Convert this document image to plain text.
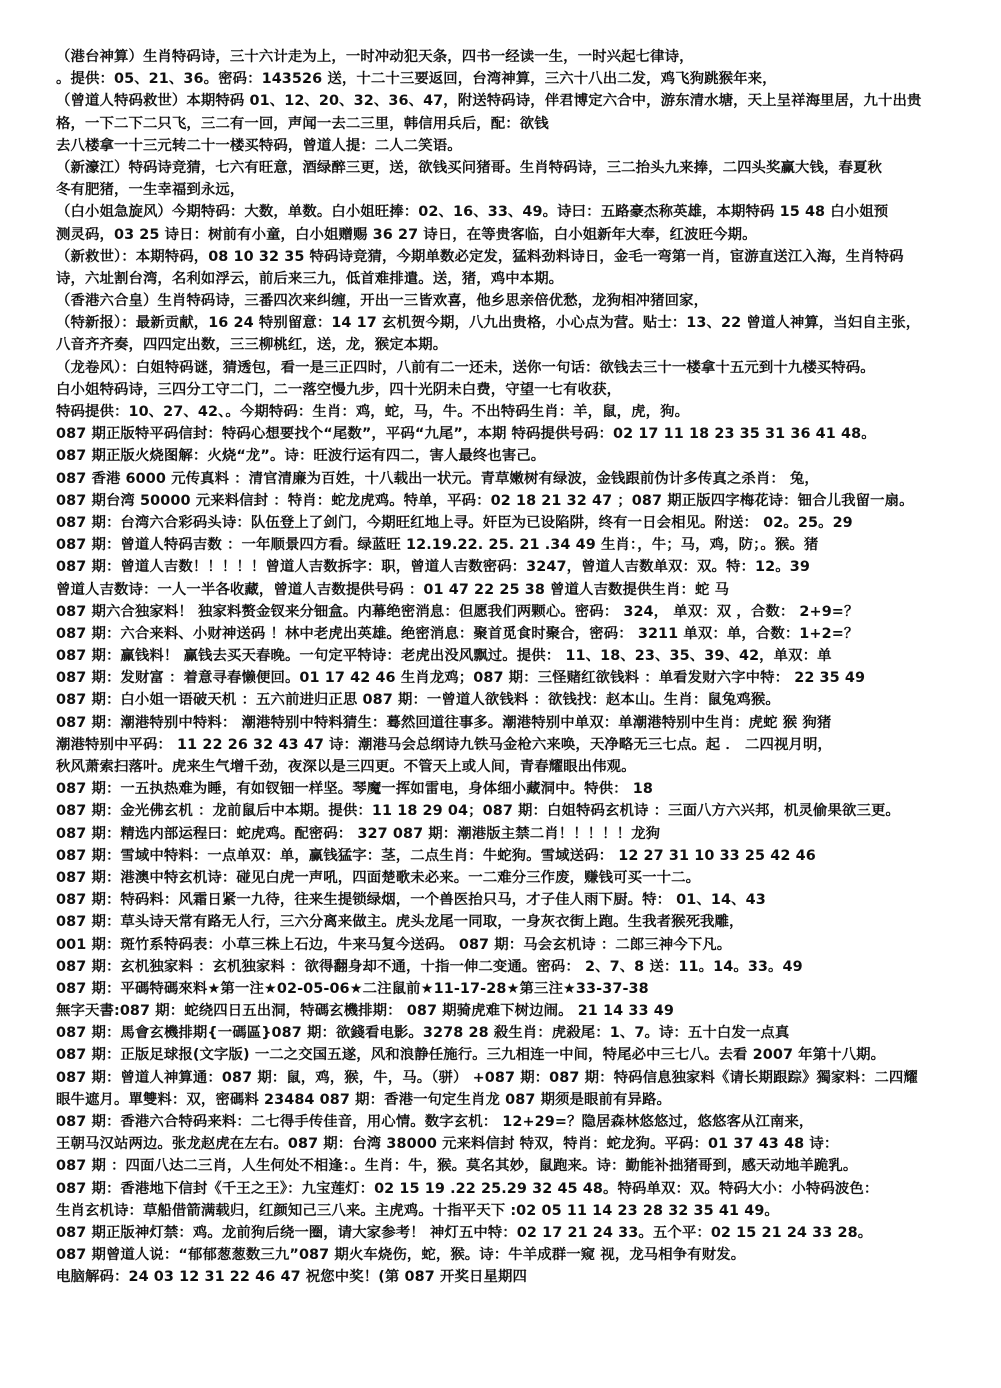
（港台神算）生肖特码诗，三十六计走为上，一时冲动犯天条，四书一经读一生，一时兴起七律诗，
。提供：05、21、36。密码：143526 送，十二十三要返回，台湾神算，三六十八出二发，鸡飞狗跳猴年来，
（曾道人特码救世）本期特码 01、12、20、32、36、47，附送特码诗，伴君博定六合中，游东清水塘，天上呈祥海里居，九十出贵
格，一下二下二只飞，三二有一回，声闻一去二三里，韩信用兵后，配：欲钱
去八楼拿一十三元转二十一楼买特码，曾道人提：二人二笑语。
（新濠江）特码诗竞猜，七六有旺意，酒绿醉三更，送，欲钱买问猪哥。生肖特码诗，三二抬头九来捧，二四头奖赢大钱，春夏秋
冬有肥猪，一生幸福到永远，
（白小姐急旋风）今期特码：大数，单数。白小姐旺捧：02、16、33、49。诗曰：五路豪杰称英雄，本期特码 15 48 白小姐预
测灵码，03 25 诗日：树前有小童，白小姐赠赐 36 27 诗日，在等贵客临，白小姐新年大奉，红波旺今期。
（新救世）：本期特码，08 10 32 35 特码诗竞猜，今期单数必定发，猛料劲料诗日，金毛一弯第一肖，宦游直送江入海，生肖特码
诗，六址割台湾，名利如浮云，前后来三九，低首难排遣。送，猪，鸡中本期。
（香港六合皇）生肖特码诗，三番四次来纠缠，开出一三皆欢喜，他乡思亲倍优愁，龙狗相冲猪回家，
（特新报）：最新贡献，16 24 特别留意：14 17 玄机贺今期，八九出贵格，小心点为营。贴士：13、22 曾道人神算，当妇自主张，
八音齐齐奏，四四定出数，三三柳桃红，送，龙，猴定本期。
（龙卷风）：白姐特码谜，猜透包，看一是三正四时，八前有二一还未，送你一句话：欲钱去三十一楼拿十五元到十九楼买特码。
白小姐特码诗，三四分工守二门，二一落空慢九步，四十光阴未白费，守望一七有收获，
特码提供：10、27、42、。今期特码：生肖：鸡，蛇，马，牛。不出特码生肖：羊，鼠，虎，狗。
087 期正版特平码信封：特码心想要找个“尾数”，平码“九尾”，本期 特码提供号码：02 17 11 18 23 35 31 36 41 48。
087 期正版火烧图解：火烧“龙”。诗：旺波行运有四二，害人最终也害己。
087 香港 6000 元传真料 ：清官清廉为百姓，十八载出一状元。青草嫩树有绿波，金钱跟前伪计多传真之杀肖： 兔，
087 期台湾 50000 元来料信封 ：特肖：蛇龙虎鸡。特单，平码：02 18 21 32 47 ；087 期正版四字梅花诗：钿合儿我留一扇。
087 期：台湾六合彩码头诗：队伍登上了剑门，今期旺红地上寻。奸臣为已设陷阱，终有一日会相见。附送： 02。25。29
087 期：曾道人特码吉数 ：一年顺景四方看。绿蓝旺 12.19.22. 25. 21 .34 49 生肖：，牛；马，鸡，防；。猴。猪
087 期：曾道人吉数！！！！！曾道人吉数拆字：职，曾道人吉数密码：3247，曾道人吉数单双：双。特：12。39
曾道人吉数诗：一人一半各收藏，曾道人吉数提供号码 ：01 47 22 25 38 曾道人吉数提供生肖：蛇 马
087 期六合独家料！ 独家料赘金钗来分钿盒。内幕绝密消息：但愿我们两颗心。密码： 324， 单双：双 ，合数： 2+9=？
087 期：六合来料、小财神送码 ！林中老虎出英雄。绝密消息：聚首觅食时聚合，密码： 3211 单双：单，合数：1+2=？
087 期：赢钱料！ 赢钱去买天春晚。一句定平特诗：老虎出没风飘过。提供： 11、18、23、35、39、42，单双：单
087 期：发财富 ：着意寻春懒便回。01 17 42 46 生肖龙鸡；087 期：三怪赌红欲钱料 ：单看发财六字中特： 22 35 49
087 期：白小姐一语破天机 ：五六前进归正思 087 期：一曾道人欲钱料 ：欲钱找：赵本山。生肖：鼠兔鸡猴。
087 期：潮港特别中特料： 潮港特别中特料猜生：蓦然回道往事多。潮港特别中单双：单潮港特别中生肖：虎蛇 猴 狗猪
潮港特别中平码： 11 22 26 32 43 47 诗：潮港马会总纲诗九铁马金枪六来唤，天净略无三七点。起 ． 二四视月明，
秋风萧索扫落叶。虎来生气增千劲，夜深以是三四更。不管天上或人间，青春耀眼出伟观。
087 期：一五执热难为睡，有如钗钿一样坚。琴魔一挥如雷电，身体细小藏洞中。特供： 18
087 期：金光佛玄机 ：龙前鼠后中本期。提供：11 18 29 04；087 期：白姐特码玄机诗 ：三面八方六兴邦，机灵偷果欲三更。
087 期：精选内部运程曰：蛇虎鸡。配密码： 327 087 期：潮港版主禁二肖！！！！！龙狗
087 期：雪域中特料：一点单双：单，赢钱猛字：茎，二点生肖：牛蛇狗。雪域送码： 12 27 31 10 33 25 42 46
087 期：港澳中特玄机诗：碰见白虎一声吼，四面楚歌未必来。一二难分三作废，赚钱可买一十二。
087 期：特码料：风霜日紧一九待，往来生提锁绿烟，一个兽医抬只马，才子佳人雨下厨。特： 01、14、43
087 期：草头诗天常有路无人行，三六分离来做主。虎头龙尾一同取，一身灰衣街上跑。生我者猴死我雕，
001 期：斑竹系特码表：小草三株上石边，牛来马复今送码。 087 期：马会玄机诗 ：二郎三神今下凡。
087 期：玄机独家料 ：玄机独家料 ：欲得翻身却不通，十指一伸二变通。密码： 2、7、8 送：11。14。33。49
087 期：平碼特碼來料★第一注★02-05-06★二注鼠前★11-17-28★第三注★33-37-38
無字天書:087 期：蛇绕四日五出洞，特碼玄機排期： 087 期骑虎难下树边闹。 21 14 33 49
087 期：馬會玄機排期{一碼區}087 期：欲錢看电影。3278 28 殺生肖：虎殺尾：1、7。诗：五十白发一点真
087 期：正版足球报(文字版) 一二之交国五遂，风和浪静任施行。三九相连一中间，特尾必中三七八。去看 2007 年第十八期。
087 期：曾道人神算通：087 期：鼠，鸡，猴，牛，马。（骈） +087 期：087 期：特码信息独家料《请长期跟踪》獨家料：二四耀
眼牛遮月。單雙料：双，密碼料 23484 087 期：香港一句定生肖龙 087 期须是眼前有异路。
087 期：香港六合特码来料：二七得手传佳音，用心情。数字玄机： 12+29=？隐居森林悠悠过，悠悠客从江南来，
王朝马汉站两边。张龙赵虎在左右。087 期：台湾 38000 元来料信封 特双，特肖：蛇龙狗。平码：01 37 43 48 诗：
087 期 ：四面八达二三肖，人生何处不相逢：。生肖：牛，猴。莫名其妙，鼠跑来。诗：勤能补拙猪哥到，感天动地羊跪乳。
087 期：香港地下信封《千王之王》：九宝莲灯：02 15 19 .22 25.29 32 45 48。特码单双：双。特码大小：小特码波色：
生肖玄机诗：草船借箭满载归，红颜知己三八来。主虎鸡。十指平天下 :02 05 11 14 23 28 32 35 41 49。
087 期正版神灯禁：鸡。龙前狗后绕一圈，请大家参考！ 神灯五中特：02 17 21 24 33。五个平：02 15 21 24 33 28。
087 期曾道人说：“郁郁葱葱数三九”087 期火车烧伤，蛇，猴。诗：牛羊成群一窥 视，龙马相争有财发。
电脑解码：24 03 12 31 22 46 47 祝您中奖！(第 087 开奖日星期四
